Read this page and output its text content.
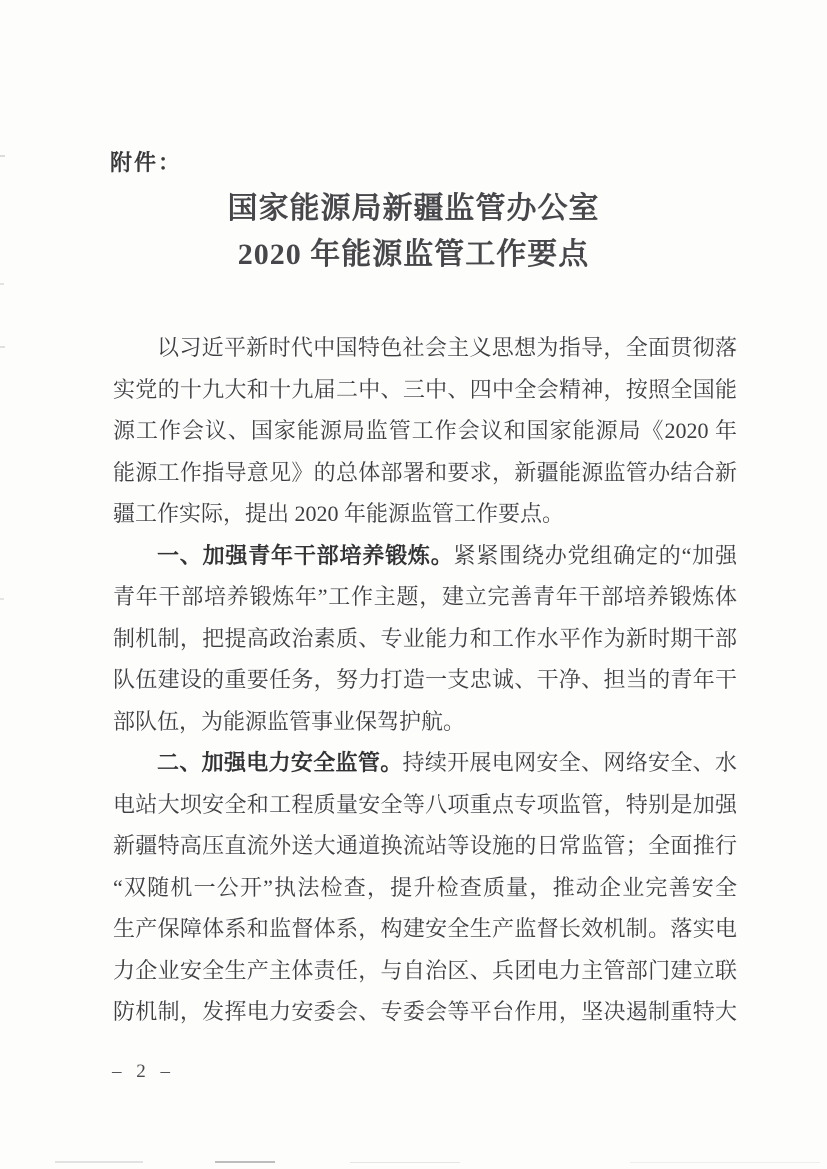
附件：
国家能源局新疆监管办公室
2020 年能源监管工作要点
以习近平新时代中国特色社会主义思想为指导，全面贯彻落
实党的十九大和十九届二中、三中、四中全会精神，按照全国能
源工作会议、国家能源局监管工作会议和国家能源局《2020 年
能源工作指导意见》的总体部署和要求，新疆能源监管办结合新
疆工作实际，提出 2020 年能源监管工作要点。
一、加强青年干部培养锻炼。紧紧围绕办党组确定的“加强
青年干部培养锻炼年”工作主题，建立完善青年干部培养锻炼体
制机制，把提高政治素质、专业能力和工作水平作为新时期干部
队伍建设的重要任务，努力打造一支忠诚、干净、担当的青年干
部队伍，为能源监管事业保驾护航。
二、加强电力安全监管。持续开展电网安全、网络安全、水
电站大坝安全和工程质量安全等八项重点专项监管，特别是加强
新疆特高压直流外送大通道换流站等设施的日常监管；全面推行
“双随机一公开”执法检查，提升检查质量，推动企业完善安全
生产保障体系和监督体系，构建安全生产监督长效机制。落实电
力企业安全生产主体责任，与自治区、兵团电力主管部门建立联
防机制，发挥电力安委会、专委会等平台作用，坚决遏制重特大
– 2 –
